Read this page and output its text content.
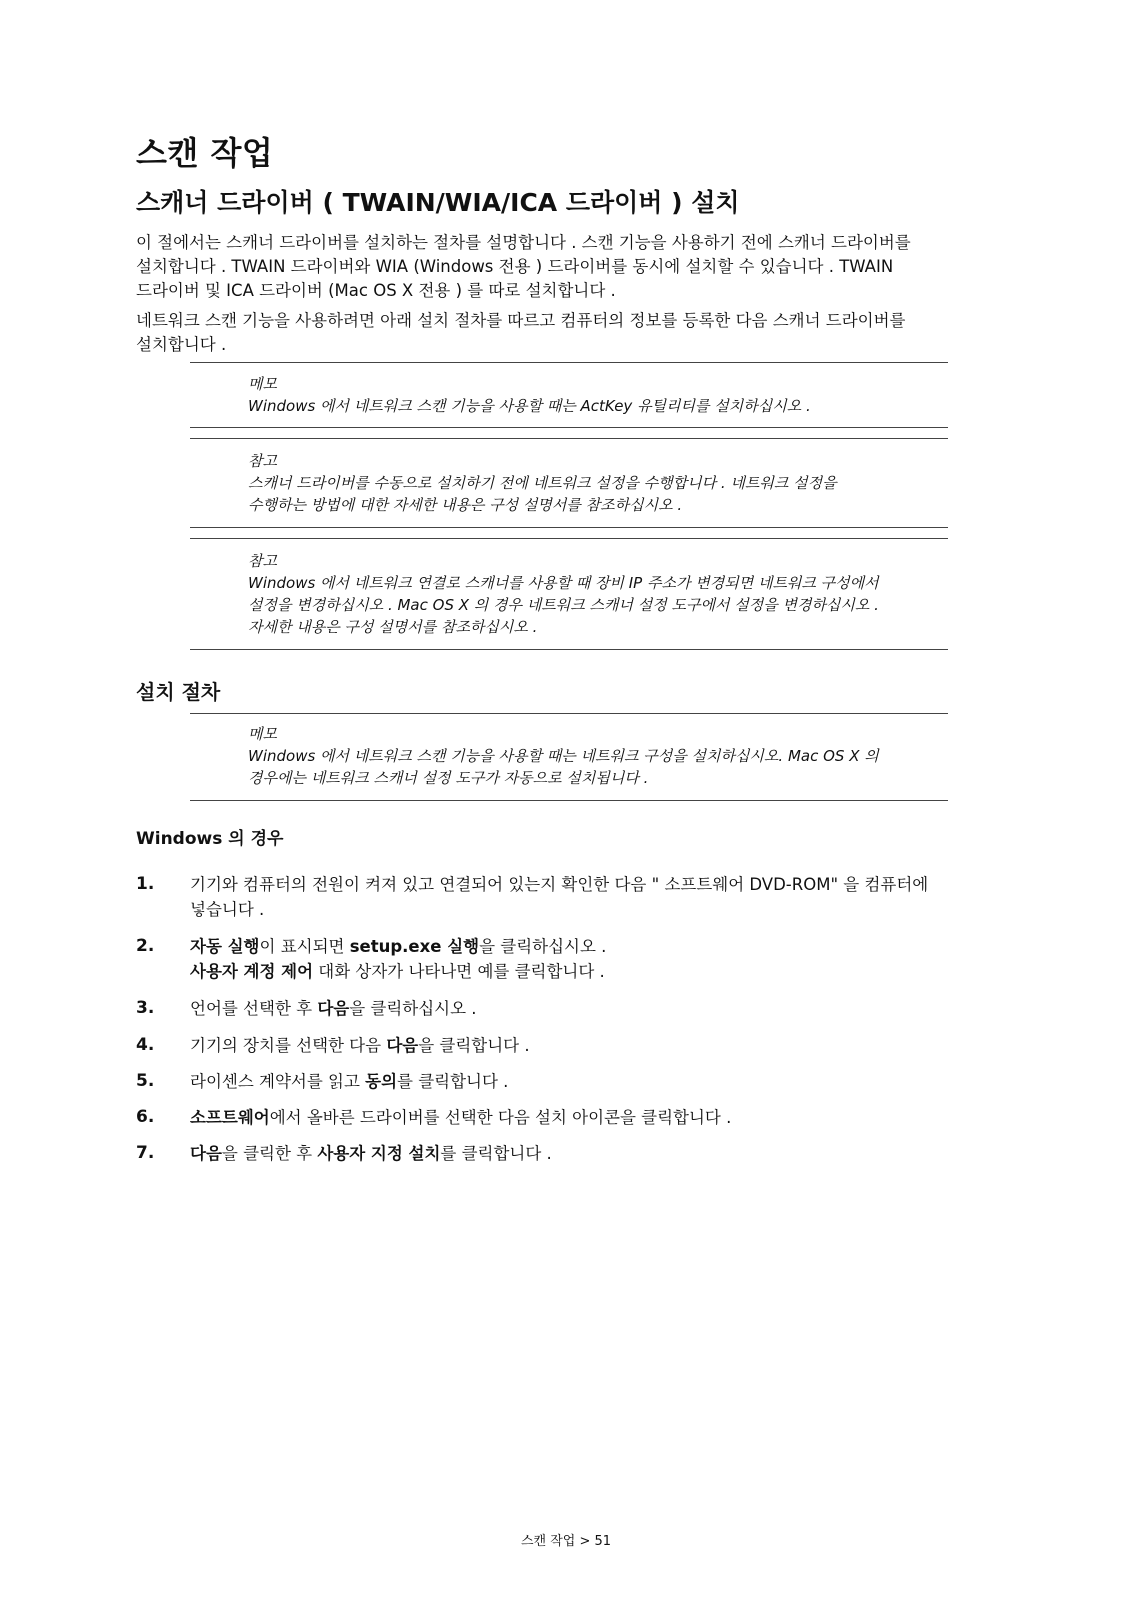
스캔 작업
스캐너 드라이버 ( TWAIN/WIA/ICA 드라이버 ) 설치

이 절에서는 스캐너 드라이버를 설치하는 절차를 설명합니다 . 스캔 기능을 사용하기 전에 스캐너 드라이버를
설치합니다 . TWAIN 드라이버와 WIA (Windows 전용 ) 드라이버를 동시에 설치할 수 있습니다 . TWAIN
드라이버 및 ICA 드라이버 (Mac OS X 전용 ) 를 따로 설치합니다 .

네트워크 스캔 기능을 사용하려면 아래 설치 절차를 따르고 컴퓨터의 정보를 등록한 다음 스캐너 드라이버를
설치합니다 .

메모
Windows 에서 네트워크 스캔 기능을 사용할 때는 ActKey 유틸리티를 설치하십시오 .
참고
스캐너 드라이버를 수동으로 설치하기 전에 네트워크 설정을 수행합니다 . 네트워크 설정을
수행하는 방법에 대한 자세한 내용은 구성 설명서를 참조하십시오 .
참고
Windows 에서 네트워크 연결로 스캐너를 사용할 때 장비 IP 주소가 변경되면 네트워크 구성에서
설정을 변경하십시오 . Mac OS X 의 경우 네트워크 스캐너 설정 도구에서 설정을 변경하십시오 .
자세한 내용은 구성 설명서를 참조하십시오 .
설치 절차
메모
Windows 에서 네트워크 스캔 기능을 사용할 때는 네트워크 구성을 설치하십시오. Mac OS X 의
경우에는 네트워크 스캐너 설정 도구가 자동으로 설치됩니다 .
Windows 의 경우
1. 기기와 컴퓨터의 전원이 켜져 있고 연결되어 있는지 확인한 다음 " 소프트웨어 DVD-ROM" 을 컴퓨터에
넣습니다 .
2. 자동 실행이 표시되면 setup.exe 실행을 클릭하십시오 .
사용자 계정 제어 대화 상자가 나타나면 예를 클릭합니다 .
3. 언어를 선택한 후 다음을 클릭하십시오 .
4. 기기의 장치를 선택한 다음 다음을 클릭합니다 .
5. 라이센스 계약서를 읽고 동의를 클릭합니다 .
6. 소프트웨어에서 올바른 드라이버를 선택한 다음 설치 아이콘을 클릭합니다 .
7. 다음을 클릭한 후 사용자 지정 설치를 클릭합니다 .
스캔 작업 > 51
